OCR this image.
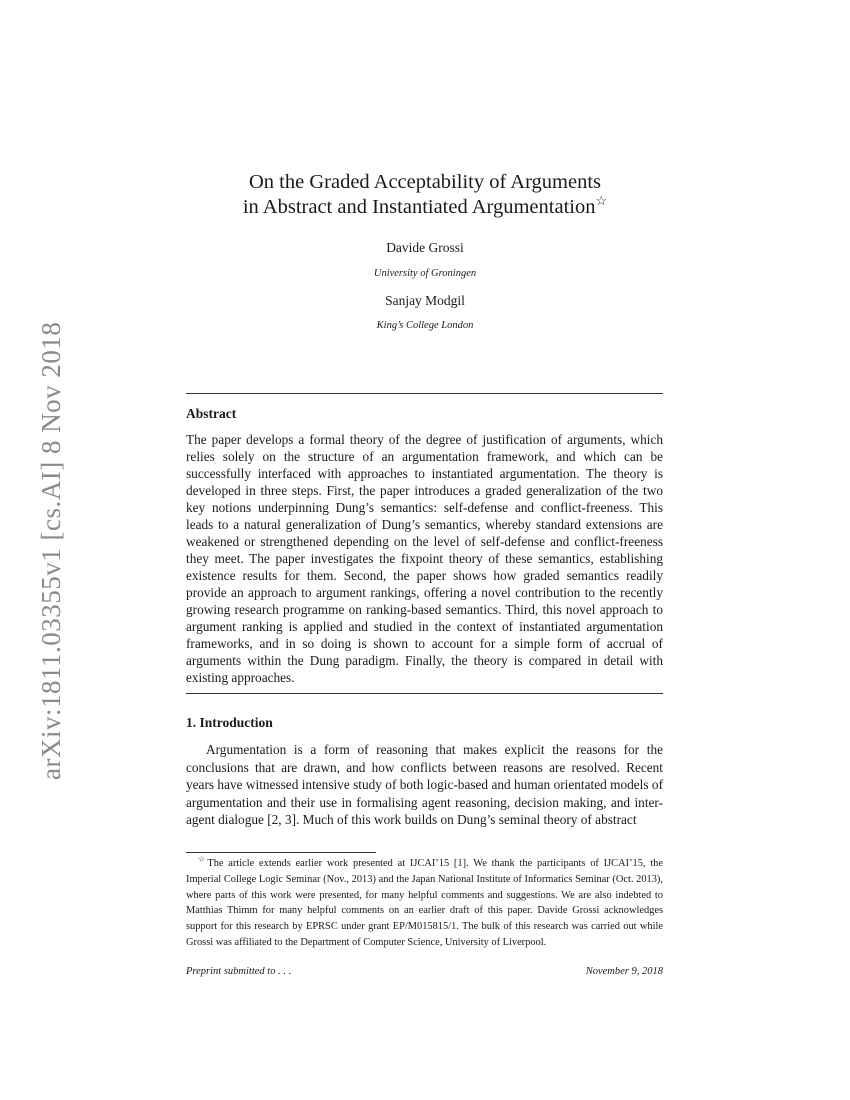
arXiv:1811.03355v1 [cs.AI] 8 Nov 2018
On the Graded Acceptability of Arguments
in Abstract and Instantiated Argumentation☆
Davide Grossi
University of Groningen
Sanjay Modgil
King’s College London
Abstract
The paper develops a formal theory of the degree of justification of arguments, which relies solely on the structure of an argumentation framework, and which can be successfully interfaced with approaches to instantiated argumentation. The theory is developed in three steps. First, the paper introduces a graded generalization of the two key notions underpinning Dung’s semantics: self-defense and conflict-freeness. This leads to a natural generalization of Dung’s semantics, whereby standard extensions are weakened or strengthened depending on the level of self-defense and conflict-freeness they meet. The paper investigates the fixpoint theory of these semantics, establishing existence results for them. Second, the paper shows how graded semantics readily provide an approach to argument rankings, offering a novel contribution to the recently growing research programme on ranking-based semantics. Third, this novel approach to argument ranking is applied and studied in the context of instantiated argumentation frameworks, and in so doing is shown to account for a simple form of accrual of arguments within the Dung paradigm. Finally, the theory is compared in detail with existing approaches.
1. Introduction
Argumentation is a form of reasoning that makes explicit the reasons for the conclusions that are drawn, and how conflicts between reasons are resolved. Recent years have witnessed intensive study of both logic-based and human orientated models of argumentation and their use in formalising agent reasoning, decision making, and inter-agent dialogue [2, 3]. Much of this work builds on Dung’s seminal theory of abstract
☆The article extends earlier work presented at IJCAI’15 [1]. We thank the participants of IJCAI’15, the Imperial College Logic Seminar (Nov., 2013) and the Japan National Institute of Informatics Seminar (Oct. 2013), where parts of this work were presented, for many helpful comments and suggestions. We are also indebted to Matthias Thimm for many helpful comments on an earlier draft of this paper. Davide Grossi acknowledges support for this research by EPRSC under grant EP/M015815/1. The bulk of this research was carried out while Grossi was affiliated to the Department of Computer Science, University of Liverpool.
Preprint submitted to . . .	November 9, 2018
